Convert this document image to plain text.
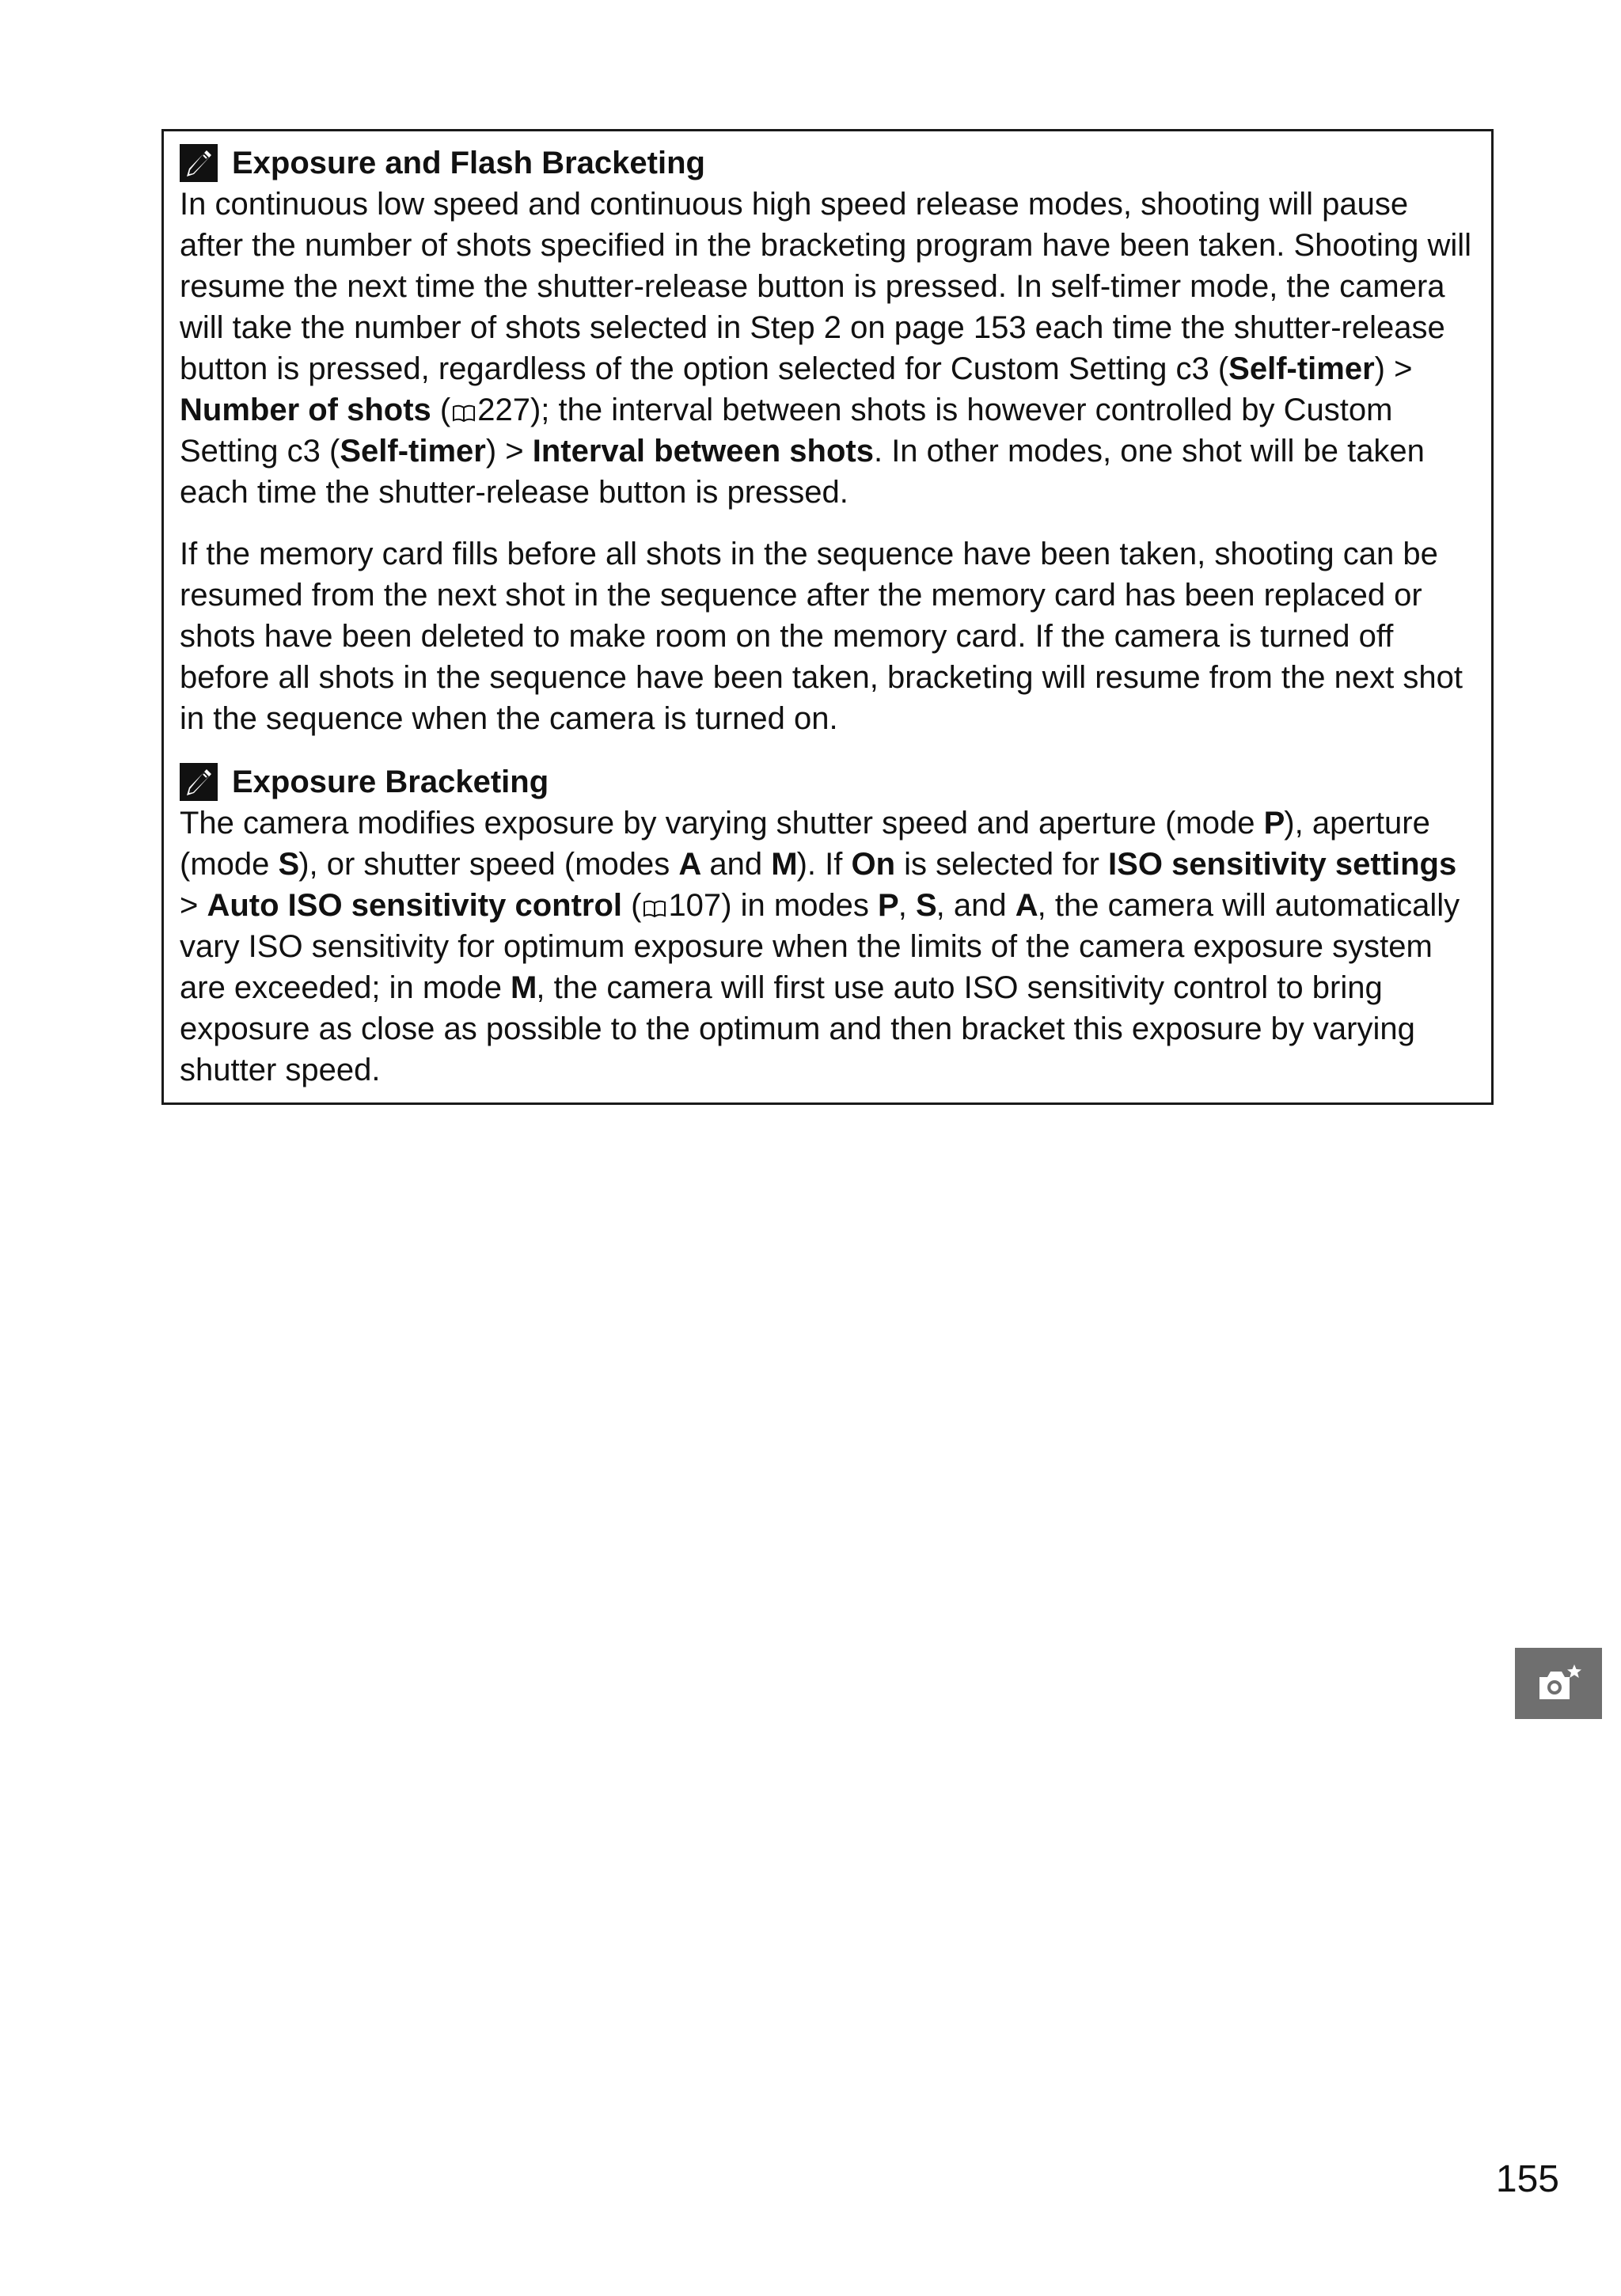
Exposure and Flash Bracketing

In continuous low speed and continuous high speed release modes, shooting will pause after the number of shots specified in the bracketing program have been taken. Shooting will resume the next time the shutter-release button is pressed. In self-timer mode, the camera will take the number of shots selected in Step 2 on page 153 each time the shutter-release button is pressed, regardless of the option selected for Custom Setting c3 (Self-timer) > Number of shots ( 227); the interval between shots is however controlled by Custom Setting c3 (Self-timer) > Interval between shots. In other modes, one shot will be taken each time the shutter-release button is pressed.

If the memory card fills before all shots in the sequence have been taken, shooting can be resumed from the next shot in the sequence after the memory card has been replaced or shots have been deleted to make room on the memory card. If the camera is turned off before all shots in the sequence have been taken, bracketing will resume from the next shot in the sequence when the camera is turned on.

Exposure Bracketing

The camera modifies exposure by varying shutter speed and aperture (mode P), aperture (mode S), or shutter speed (modes A and M). If On is selected for ISO sensitivity settings > Auto ISO sensitivity control ( 107) in modes P, S, and A, the camera will automatically vary ISO sensitivity for optimum exposure when the limits of the camera exposure system are exceeded; in mode M, the camera will first use auto ISO sensitivity control to bring exposure as close as possible to the optimum and then bracket this exposure by varying shutter speed.

155
